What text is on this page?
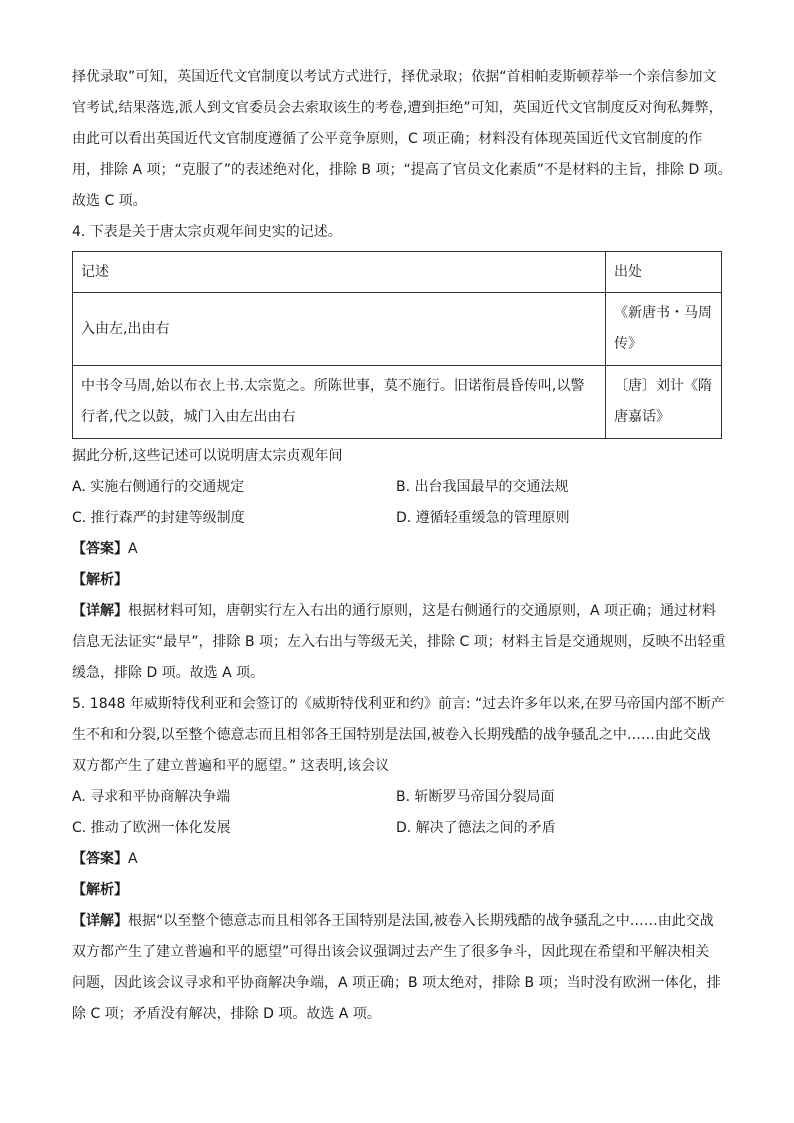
择优录取”可知，英国近代文官制度以考试方式进行，择优录取；依据“首相帕麦斯顿荐举一个亲信参加文
官考试,结果落选,派人到文官委员会去索取该生的考卷,遭到拒绝”可知，英国近代文官制度反对徇私舞弊，
由此可以看出英国近代文官制度遵循了公平竞争原则，C 项正确；材料没有体现英国近代文官制度的作
用，排除 A 项；“克服了”的表述绝对化，排除 B 项；“提高了官员文化素质”不是材料的主旨，排除 D 项。
故选 C 项。

4. 下表是关于唐太宗贞观年间史实的记述。

记述	出处

入由左,出由右	《新唐书・马周
传》

中书令马周,始以布衣上书.太宗览之。所陈世事，莫不施行。旧诺衔晨昏传叫,以警
行者,代之以鼓，城门入由左出由右	〔唐〕刘计《隋
唐嘉话》

据此分析,这些记述可以说明唐太宗贞观年间

A. 实施右侧通行的交通规定	B. 出台我国最早的交通法规
C. 推行森严的封建等级制度	D. 遵循轻重缓急的管理原则

【答案】A

【解析】

【详解】根据材料可知，唐朝实行左入右出的通行原则，这是右侧通行的交通原则，A 项正确；通过材料
信息无法证实“最早”，排除 B 项；左入右出与等级无关，排除 C 项；材料主旨是交通规则，反映不出轻重
缓急，排除 D 项。故选 A 项。

5. 1848 年威斯特伐利亚和会签订的《威斯特伐利亚和约》前言: “过去许多年以来,在罗马帝国内部不断产
生不和和分裂,以至整个德意志而且相邻各王国特别是法国,被卷入长期残酷的战争骚乱之中……由此交战
双方都产生了建立普遍和平的愿望。” 这表明,该会议

A. 寻求和平协商解决争端	B. 斩断罗马帝国分裂局面
C. 推动了欧洲一体化发展	D. 解决了德法之间的矛盾

【答案】A

【解析】

【详解】根据“以至整个德意志而且相邻各王国特别是法国,被卷入长期残酷的战争骚乱之中……由此交战
双方都产生了建立普遍和平的愿望”可得出该会议强调过去产生了很多争斗，因此现在希望和平解决相关
问题，因此该会议寻求和平协商解决争端，A 项正确；B 项太绝对，排除 B 项；当时没有欧洲一体化，排
除 C 项；矛盾没有解决，排除 D 项。故选 A 项。
